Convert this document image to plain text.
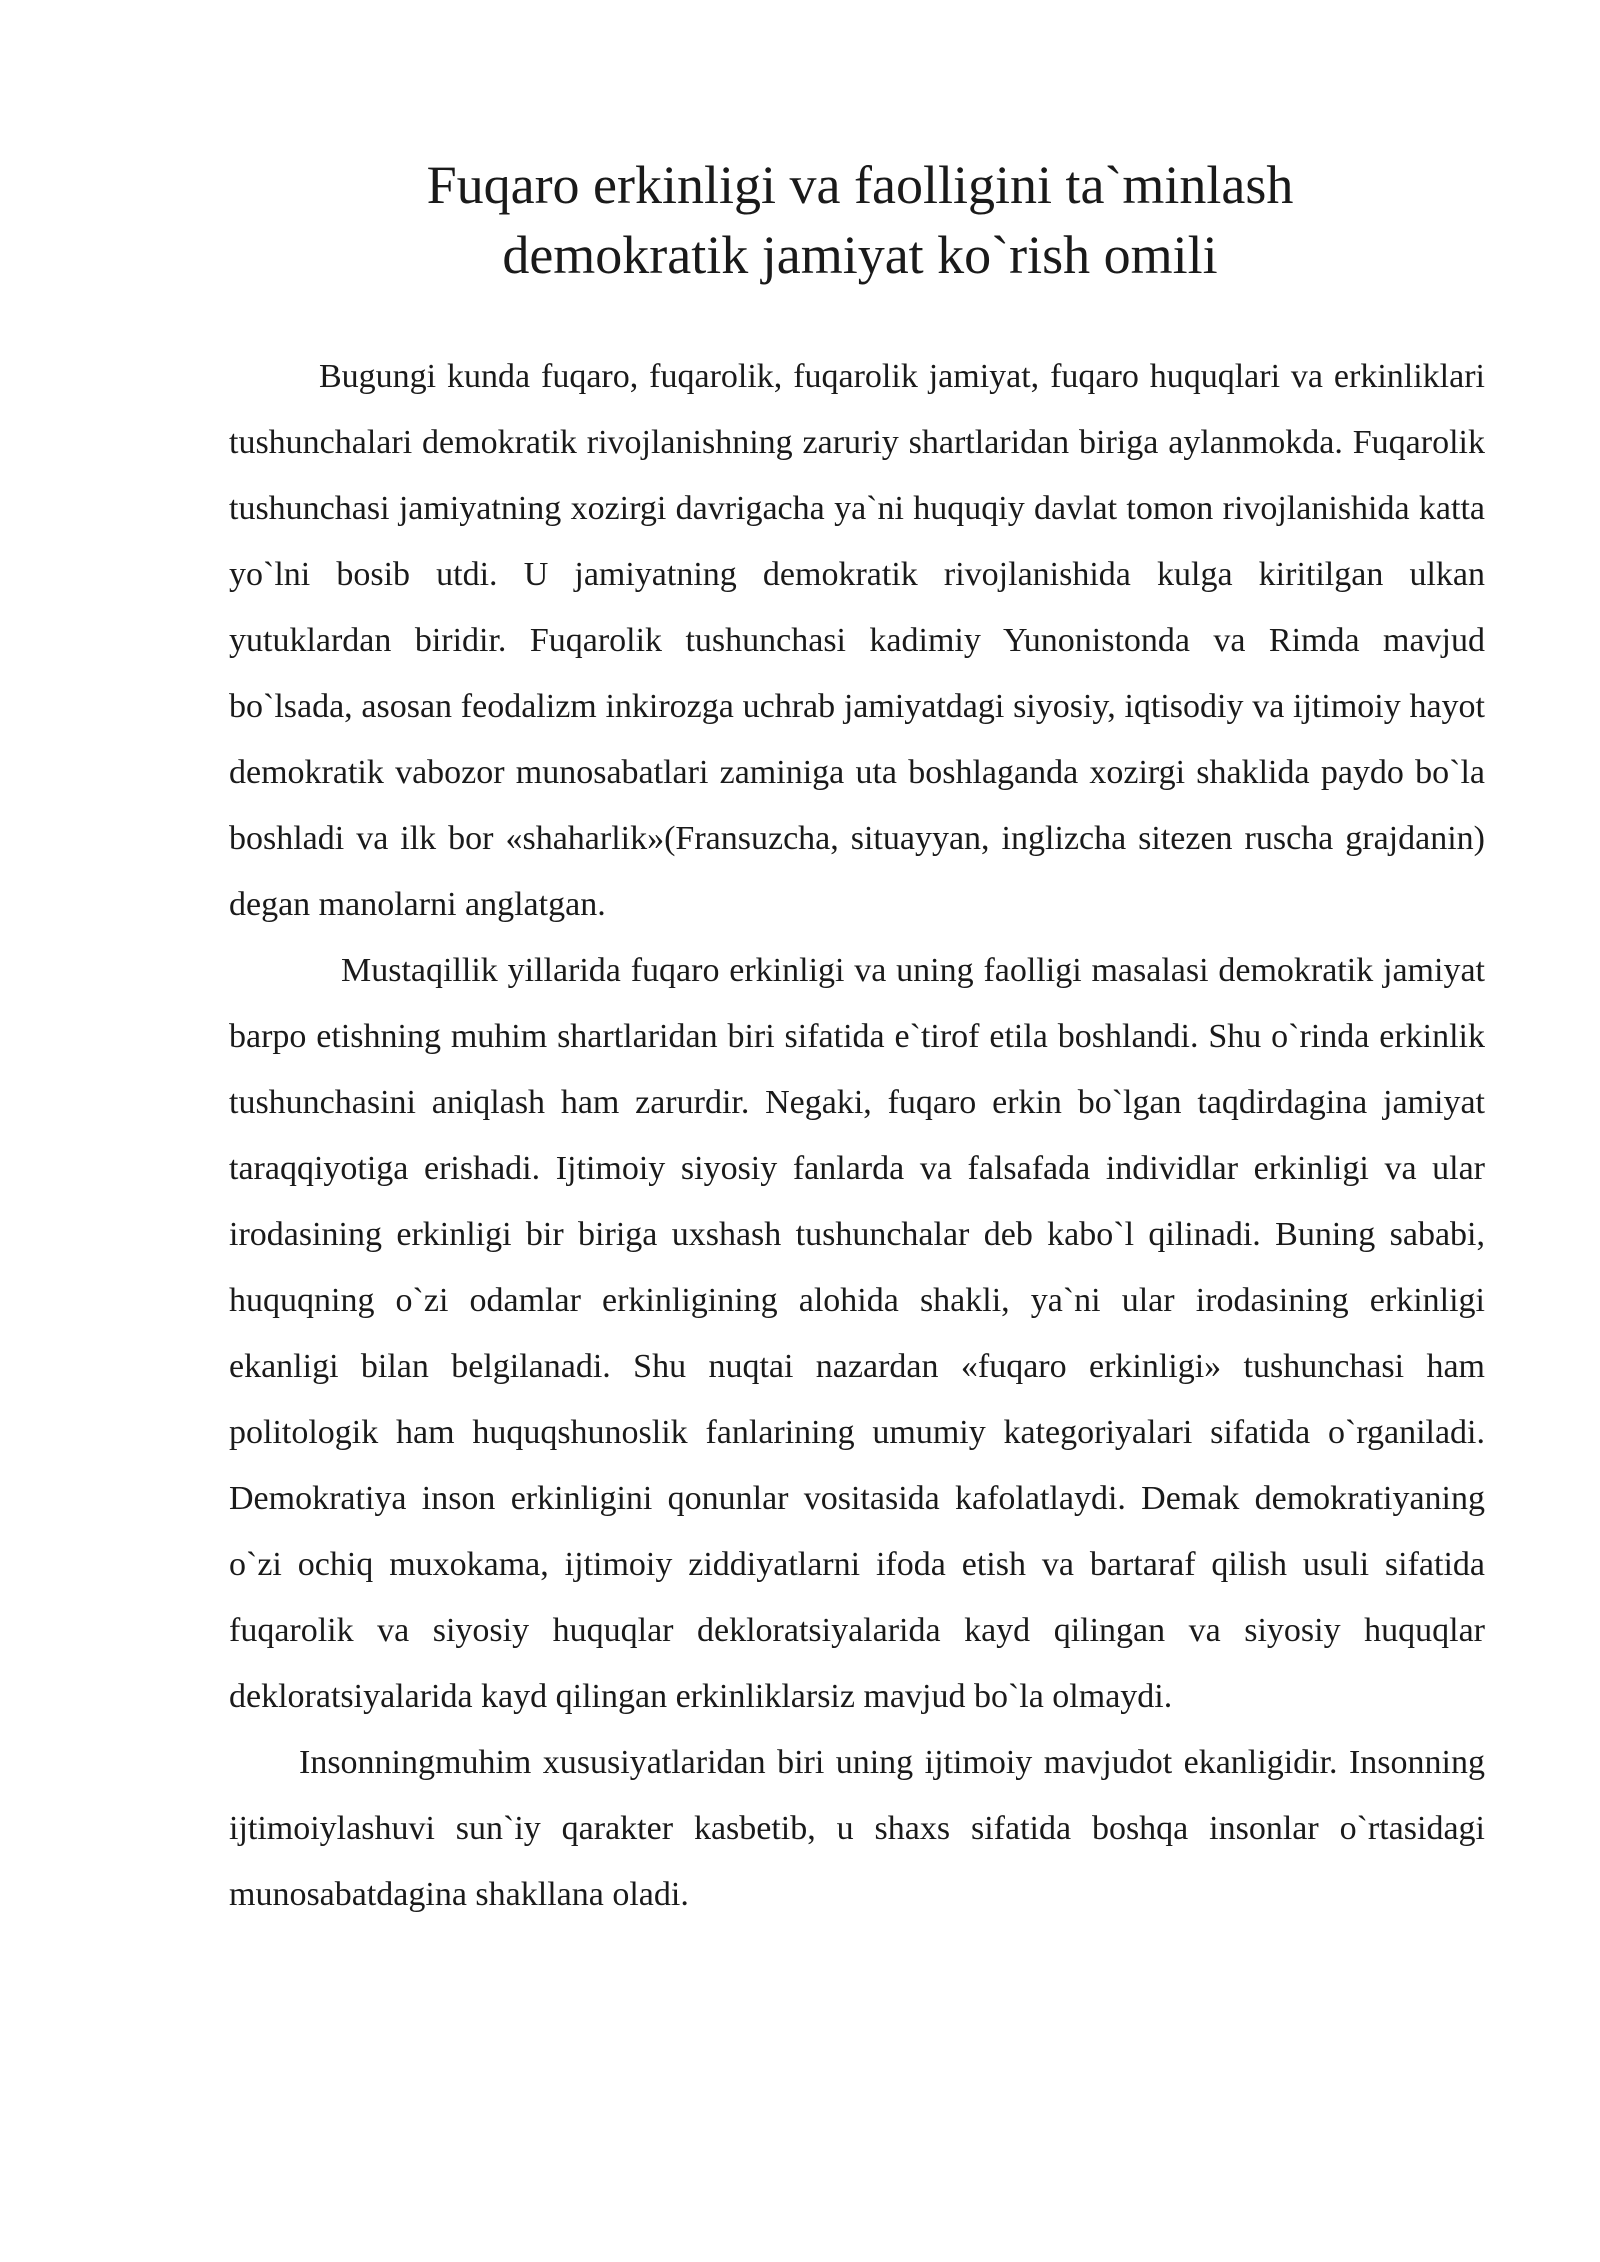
Fuqaro erkinligi va faolligini ta`minlash
demokratik jamiyat ko`rish omili

Bugungi kunda fuqaro, fuqarolik, fuqarolik jamiyat, fuqaro huquqlari va erkinliklari tushunchalari demokratik rivojlanishning zaruriy shartlaridan biriga aylanmokda. Fuqarolik tushunchasi jamiyatning xozirgi davrigacha ya`ni huquqiy davlat tomon rivojlanishida katta yo`lni bosib utdi. U jamiyatning demokratik rivojlanishida kulga kiritilgan ulkan yutuklardan biridir. Fuqarolik tushunchasi kadimiy Yunonistonda va Rimda mavjud bo`lsada, asosan feodalizm inkirozga uchrab jamiyatdagi siyosiy, iqtisodiy va ijtimoiy hayot demokratik vabozor munosabatlari zaminiga uta boshlaganda xozirgi shaklida paydo bo`la boshladi va ilk bor «shaharlik»(Fransuzcha, situayyan, inglizcha sitezen ruscha grajdanin) degan manolarni anglatgan.

Mustaqillik yillarida fuqaro erkinligi va uning faolligi masalasi demokratik jamiyat barpo etishning muhim shartlaridan biri sifatida e`tirof etila boshlandi. Shu o`rinda erkinlik tushunchasini aniqlash ham zarurdir. Negaki, fuqaro erkin bo`lgan taqdirdagina jamiyat taraqqiyotiga erishadi. Ijtimoiy siyosiy fanlarda va falsafada individlar erkinligi va ular irodasining erkinligi bir biriga uxshash tushunchalar deb kabo`l qilinadi. Buning sababi, huquqning o`zi odamlar erkinligining alohida shakli, ya`ni ular irodasining erkinligi ekanligi bilan belgilanadi. Shu nuqtai nazardan «fuqaro erkinligi» tushunchasi ham politologik ham huquqshunoslik fanlarining umumiy kategoriyalari sifatida o`rganiladi. Demokratiya inson erkinligini qonunlar vositasida kafolatlaydi. Demak demokratiyaning o`zi ochiq muxokama, ijtimoiy ziddiyatlarni ifoda etish va bartaraf qilish usuli sifatida fuqarolik va siyosiy huquqlar dekloratsiyalarida kayd qilingan va siyosiy huquqlar dekloratsiyalarida kayd qilingan erkinliklarsiz mavjud bo`la olmaydi.

Insonningmuhim xususiyatlaridan biri uning ijtimoiy mavjudot ekanligidir. Insonning ijtimoiylashuvi sun`iy qarakter kasbetib, u shaxs sifatida boshqa insonlar o`rtasidagi munosabatdagina shakllana oladi.
